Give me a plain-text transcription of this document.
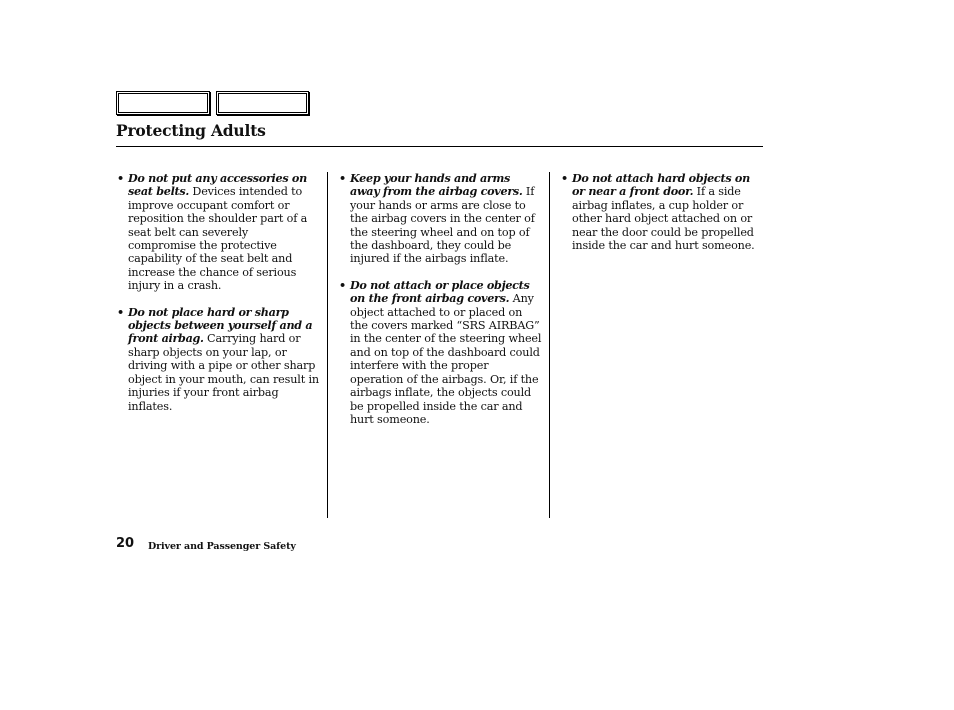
Protecting Adults
• Do not put any accessories on seat belts. Devices intended to improve occupant comfort or reposition the shoulder part of a seat belt can severely compromise the protective capability of the seat belt and increase the chance of serious injury in a crash.
• Do not place hard or sharp objects between yourself and a front airbag. Carrying hard or sharp objects on your lap, or driving with a pipe or other sharp object in your mouth, can result in injuries if your front airbag inflates.
• Keep your hands and arms away from the airbag covers. If your hands or arms are close to the airbag covers in the center of the steering wheel and on top of the dashboard, they could be injured if the airbags inflate.
• Do not attach or place objects on the front airbag covers. Any object attached to or placed on the covers marked “SRS AIRBAG” in the center of the steering wheel and on top of the dashboard could interfere with the proper operation of the airbags. Or, if the airbags inflate, the objects could be propelled inside the car and hurt someone.
• Do not attach hard objects on or near a front door. If a side airbag inflates, a cup holder or other hard object attached on or near the door could be propelled inside the car and hurt someone.
20 Driver and Passenger Safety
